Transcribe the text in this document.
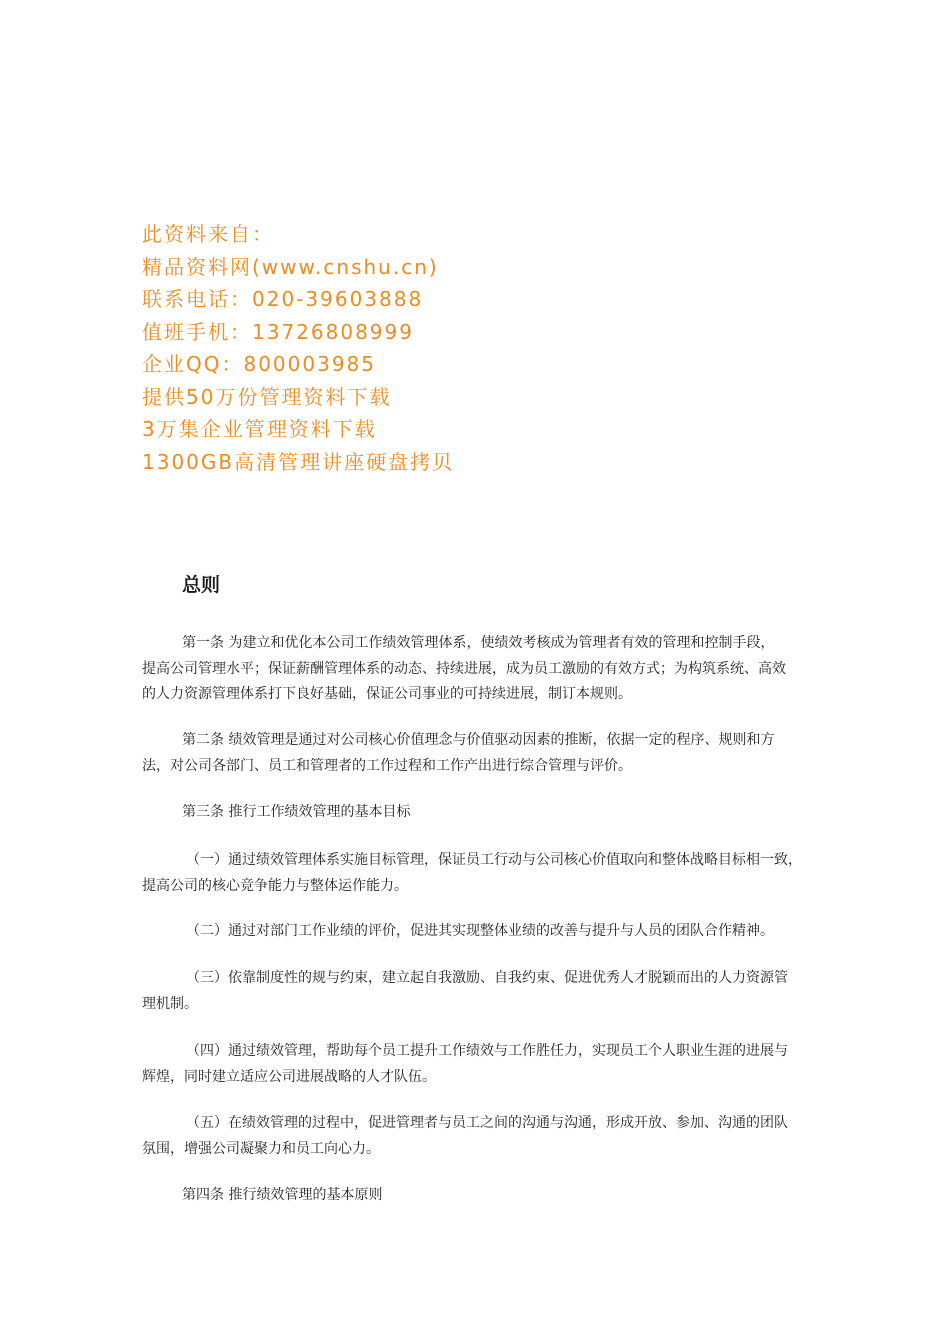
此资料来自：
精品资料网(www.cnshu.cn)
联系电话：020-39603888
值班手机：13726808999
企业QQ：800003985
提供50万份管理资料下载
3万集企业管理资料下载
1300GB高清管理讲座硬盘拷贝
总则

第一条 为建立和优化本公司工作绩效管理体系，使绩效考核成为管理者有效的管理和控制手段，
提高公司管理水平；保证薪酬管理体系的动态、持续进展，成为员工激励的有效方式；为构筑系统、高效
的人力资源管理体系打下良好基础，保证公司事业的可持续进展，制订本规则。

第二条 绩效管理是通过对公司核心价值理念与价值驱动因素的推断，依据一定的程序、规则和方
法，对公司各部门、员工和管理者的工作过程和工作产出进行综合管理与评价。

第三条 推行工作绩效管理的基本目标

（一）通过绩效管理体系实施目标管理，保证员工行动与公司核心价值取向和整体战略目标相一致，
提高公司的核心竞争能力与整体运作能力。

（二）通过对部门工作业绩的评价，促进其实现整体业绩的改善与提升与人员的团队合作精神。

（三）依靠制度性的规与约束，建立起自我激励、自我约束、促进优秀人才脱颖而出的人力资源管
理机制。

（四）通过绩效管理，帮助每个员工提升工作绩效与工作胜任力，实现员工个人职业生涯的进展与
辉煌，同时建立适应公司进展战略的人才队伍。

（五）在绩效管理的过程中，促进管理者与员工之间的沟通与沟通，形成开放、参加、沟通的团队
氛围，增强公司凝聚力和员工向心力。

第四条 推行绩效管理的基本原则
